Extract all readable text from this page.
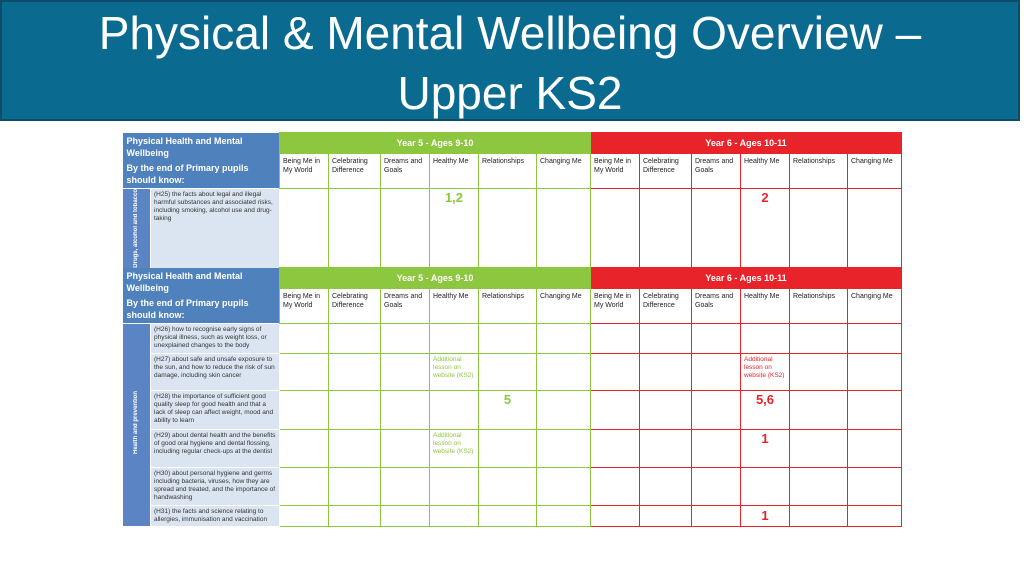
Physical & Mental Wellbeing Overview –
Upper KS2
Physical Health and Mental Wellbeing
By the end of Primary pupils should know:		Year 5 - Ages 9-10						Year 6 - Ages 10-11					
		Being Me in My World	Celebrating Difference	Dreams and Goals	Healthy Me	Relationships	Changing Me	Being Me in My World	Celebrating Difference	Dreams and Goals	Healthy Me	Relationships	Changing Me
Drugs, alcohol and tobacco	(H25) the facts about legal and illegal harmful substances and associated risks, including smoking, alcohol use and drug-taking				1,2						2		
Physical Health and Mental Wellbeing
By the end of Primary pupils should know:		Year 5 - Ages 9-10						Year 6 - Ages 10-11					
		Being Me in My World	Celebrating Difference	Dreams and Goals	Healthy Me	Relationships	Changing Me	Being Me in My World	Celebrating Difference	Dreams and Goals	Healthy Me	Relationships	Changing Me
Health and prevention	(H26) how to recognise early signs of physical illness, such as weight loss, or unexplained changes to the body												
	(H27) about safe and unsafe exposure to the sun, and how to reduce the risk of sun damage, including skin cancer				Additional lesson on website (KS2)						Additional lesson on website (KS2)		

	(H28) the importance of sufficient good quality sleep for good health and that a lack of sleep can affect weight, mood and ability to learn					5					5,6		
	(H29) about dental health and the benefits of good oral hygiene and dental flossing, including regular check-ups at the dentist				Additional lesson on website (KS2)						1		
	(H30) about personal hygiene and germs including bacteria, viruses, how they are spread and treated, and the importance of handwashing												
	(H31) the facts and science relating to allergies, immunisation and vaccination										1		
